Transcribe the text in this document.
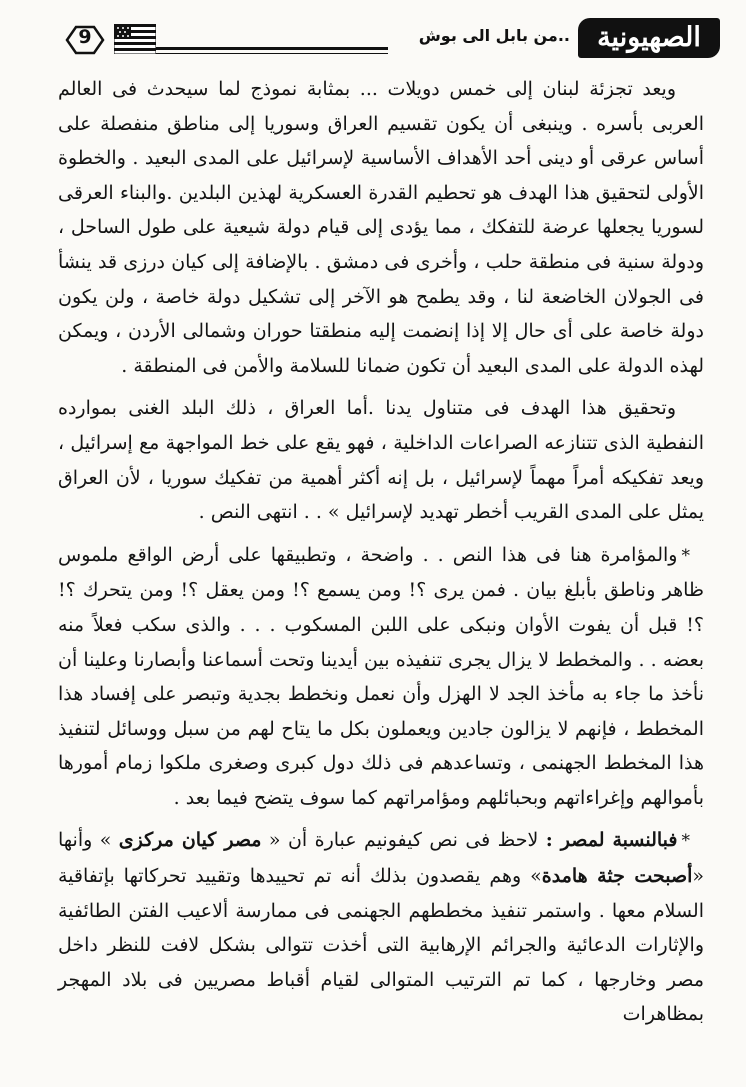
9	..من بابل الى بوش	الصهيونية

ويعد تجزئة لبنان إلى خمس دويلات ... بمثابة نموذج لما سيحدث فى العالم العربى بأسره . وينبغى أن يكون تقسيم العراق وسوريا إلى مناطق منفصلة على أساس عرقى أو دينى أحد الأهداف الأساسية لإسرائيل على المدى البعيد . والخطوة الأولى لتحقيق هذا الهدف هو تحطيم القدرة العسكرية لهذين البلدين .والبناء العرقى لسوريا يجعلها عرضة للتفكك ، مما يؤدى إلى قيام دولة شيعية على طول الساحل ، ودولة سنية فى منطقة حلب ، وأخرى فى دمشق . بالإضافة إلى كيان درزى قد ينشأ فى الجولان الخاضعة لنا ، وقد يطمح هو الآخر إلى تشكيل دولة خاصة ، ولن يكون دولة خاصة على أى حال إلا إذا إنضمت إليه منطقتا حوران وشمالى الأردن ، ويمكن لهذه الدولة على المدى البعيد أن تكون ضمانا للسلامة والأمن فى المنطقة .

وتحقيق هذا الهدف فى متناول يدنا .أما العراق ، ذلك البلد الغنى بموارده النفطية الذى تتنازعه الصراعات الداخلية ، فهو يقع على خط المواجهة مع إسرائيل ، ويعد تفكيكه أمراً مهماً لإسرائيل ، بل إنه أكثر أهمية من تفكيك سوريا ، لأن العراق يمثل على المدى القريب أخطر تهديد لإسرائيل » . . انتهى النص .

*والمؤامرة هنا فى هذا النص . . واضحة ، وتطبيقها على أرض الواقع ملموس ظاهر وناطق بأبلغ بيان . فمن يرى ؟! ومن يسمع ؟! ومن يعقل ؟! ومن يتحرك ؟! ؟! قبل أن يفوت الأوان ونبكى على اللبن المسكوب . . . والذى سكب فعلاً منه بعضه . . والمخطط لا يزال يجرى تنفيذه بين أيدينا وتحت أسماعنا وأبصارنا وعلينا أن نأخذ ما جاء به مأخذ الجد لا الهزل وأن نعمل ونخطط بجدية وتبصر على إفساد هذا المخطط ، فإنهم لا يزالون جادين ويعملون بكل ما يتاح لهم من سبل ووسائل لتنفيذ هذا المخطط الجهنمى ، وتساعدهم فى ذلك دول كبرى وصغرى ملكوا زمام أمورها بأموالهم وإغراءاتهم وبحبائلهم ومؤامراتهم كما سوف يتضح فيما بعد .

*فبالنسبة لمصر : لاحظ فى نص كيفونيم عبارة أن « مصر كيان مركزى » وأنها «أصبحت جثة هامدة» وهم يقصدون بذلك أنه تم تحييدها وتقييد تحركاتها بإتفاقية السلام معها . واستمر تنفيذ مخططهم الجهنمى فى ممارسة ألاعيب الفتن الطائفية والإثارات الدعائية والجرائم الإرهابية التى أخذت تتوالى بشكل لافت للنظر داخل مصر وخارجها ، كما تم الترتيب المتوالى لقيام أقباط مصريين فى بلاد المهجر بمظاهرات
